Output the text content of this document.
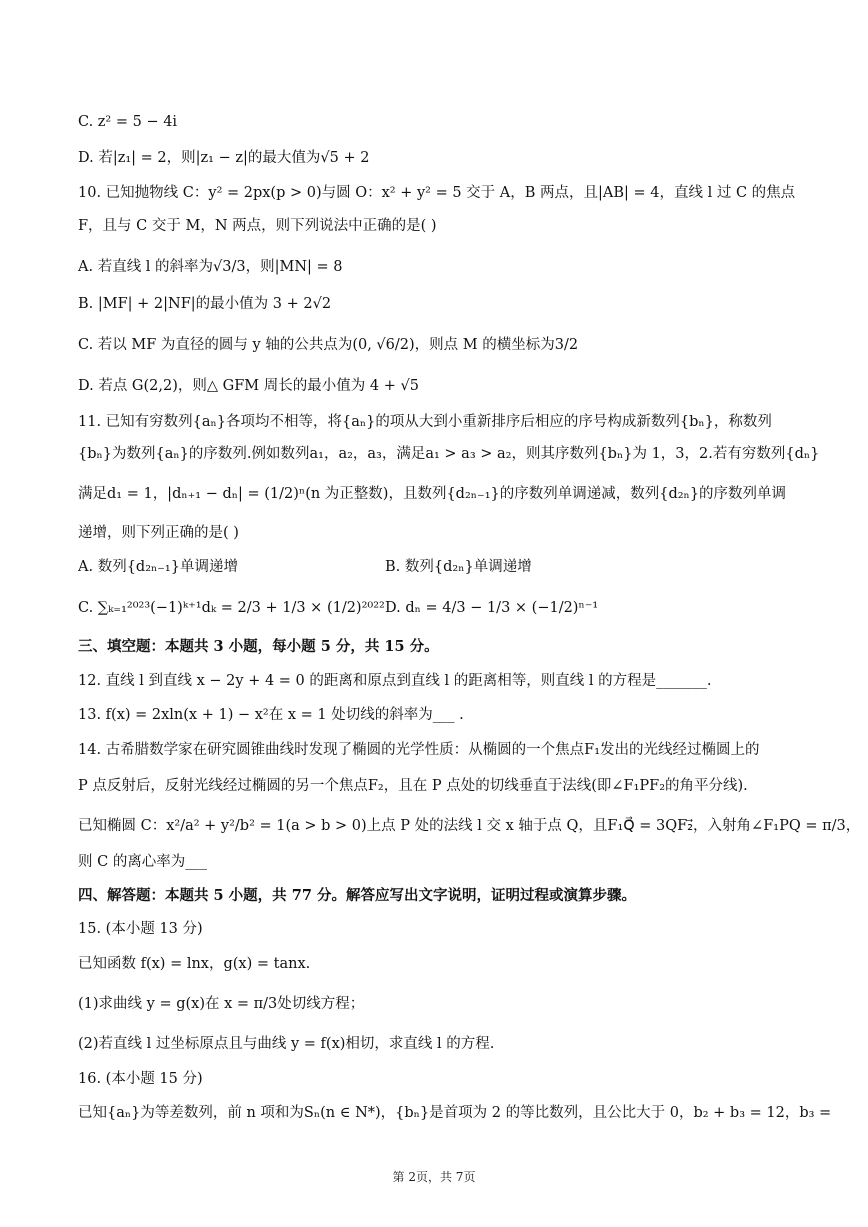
C. z² = 5 − 4i
D. 若|z₁| = 2，则|z₁ − z|的最大值为√5 + 2
10. 已知抛物线 C：y² = 2px(p > 0)与圆 O：x² + y² = 5 交于 A，B 两点，且|AB| = 4，直线 l 过 C 的焦点
F，且与 C 交于 M，N 两点，则下列说法中正确的是( )
A. 若直线 l 的斜率为√3/3，则|MN| = 8
B. |MF| + 2|NF|的最小值为 3 + 2√2
C. 若以 MF 为直径的圆与 y 轴的公共点为(0, √6/2)，则点 M 的横坐标为3/2
D. 若点 G(2,2)，则△ GFM 周长的最小值为 4 + √5
11. 已知有穷数列{aₙ}各项均不相等，将{aₙ}的项从大到小重新排序后相应的序号构成新数列{bₙ}，称数列
{bₙ}为数列{aₙ}的序数列.例如数列a₁，a₂，a₃，满足a₁ > a₃ > a₂，则其序数列{bₙ}为 1，3，2.若有穷数列{dₙ}
满足d₁ = 1，|dₙ₊₁ − dₙ| = (1/2)ⁿ(n 为正整数)，且数列{d₂ₙ₋₁}的序数列单调递减，数列{d₂ₙ}的序数列单调
递增，则下列正确的是( )
A. 数列{d₂ₙ₋₁}单调递增	B. 数列{d₂ₙ}单调递增
C. ∑ₖ₌₁²⁰²³(−1)ᵏ⁺¹dₖ = 2/3 + 1/3 × (1/2)²⁰²² D. dₙ = 4/3 − 1/3 × (−1/2)ⁿ⁻¹
三、填空题：本题共 3 小题，每小题 5 分，共 15 分。
12. 直线 l 到直线 x − 2y + 4 = 0 的距离和原点到直线 l 的距离相等，则直线 l 的方程是_______.
13. f(x) = 2xln(x + 1) − x²在 x = 1 处切线的斜率为___ .
14. 古希腊数学家在研究圆锥曲线时发现了椭圆的光学性质：从椭圆的一个焦点F₁发出的光线经过椭圆上的
P 点反射后，反射光线经过椭圆的另一个焦点F₂，且在 P 点处的切线垂直于法线(即∠F₁PF₂的角平分线).
已知椭圆 C：x²/a² + y²/b² = 1(a > b > 0)上点 P 处的法线 l 交 x 轴于点 Q，且F₁Q⃗ = 3QF₂⃗，入射角∠F₁PQ = π/3，
则 C 的离心率为___
四、解答题：本题共 5 小题，共 77 分。解答应写出文字说明，证明过程或演算步骤。
15. (本小题 13 分)
已知函数 f(x) = lnx，g(x) = tanx.
(1)求曲线 y = g(x)在 x = π/3处切线方程；
(2)若直线 l 过坐标原点且与曲线 y = f(x)相切，求直线 l 的方程.
16. (本小题 15 分)
已知{aₙ}为等差数列，前 n 项和为Sₙ(n ∈ N*)，{bₙ}是首项为 2 的等比数列，且公比大于 0，b₂ + b₃ = 12，b₃ =
第 2页，共 7页
